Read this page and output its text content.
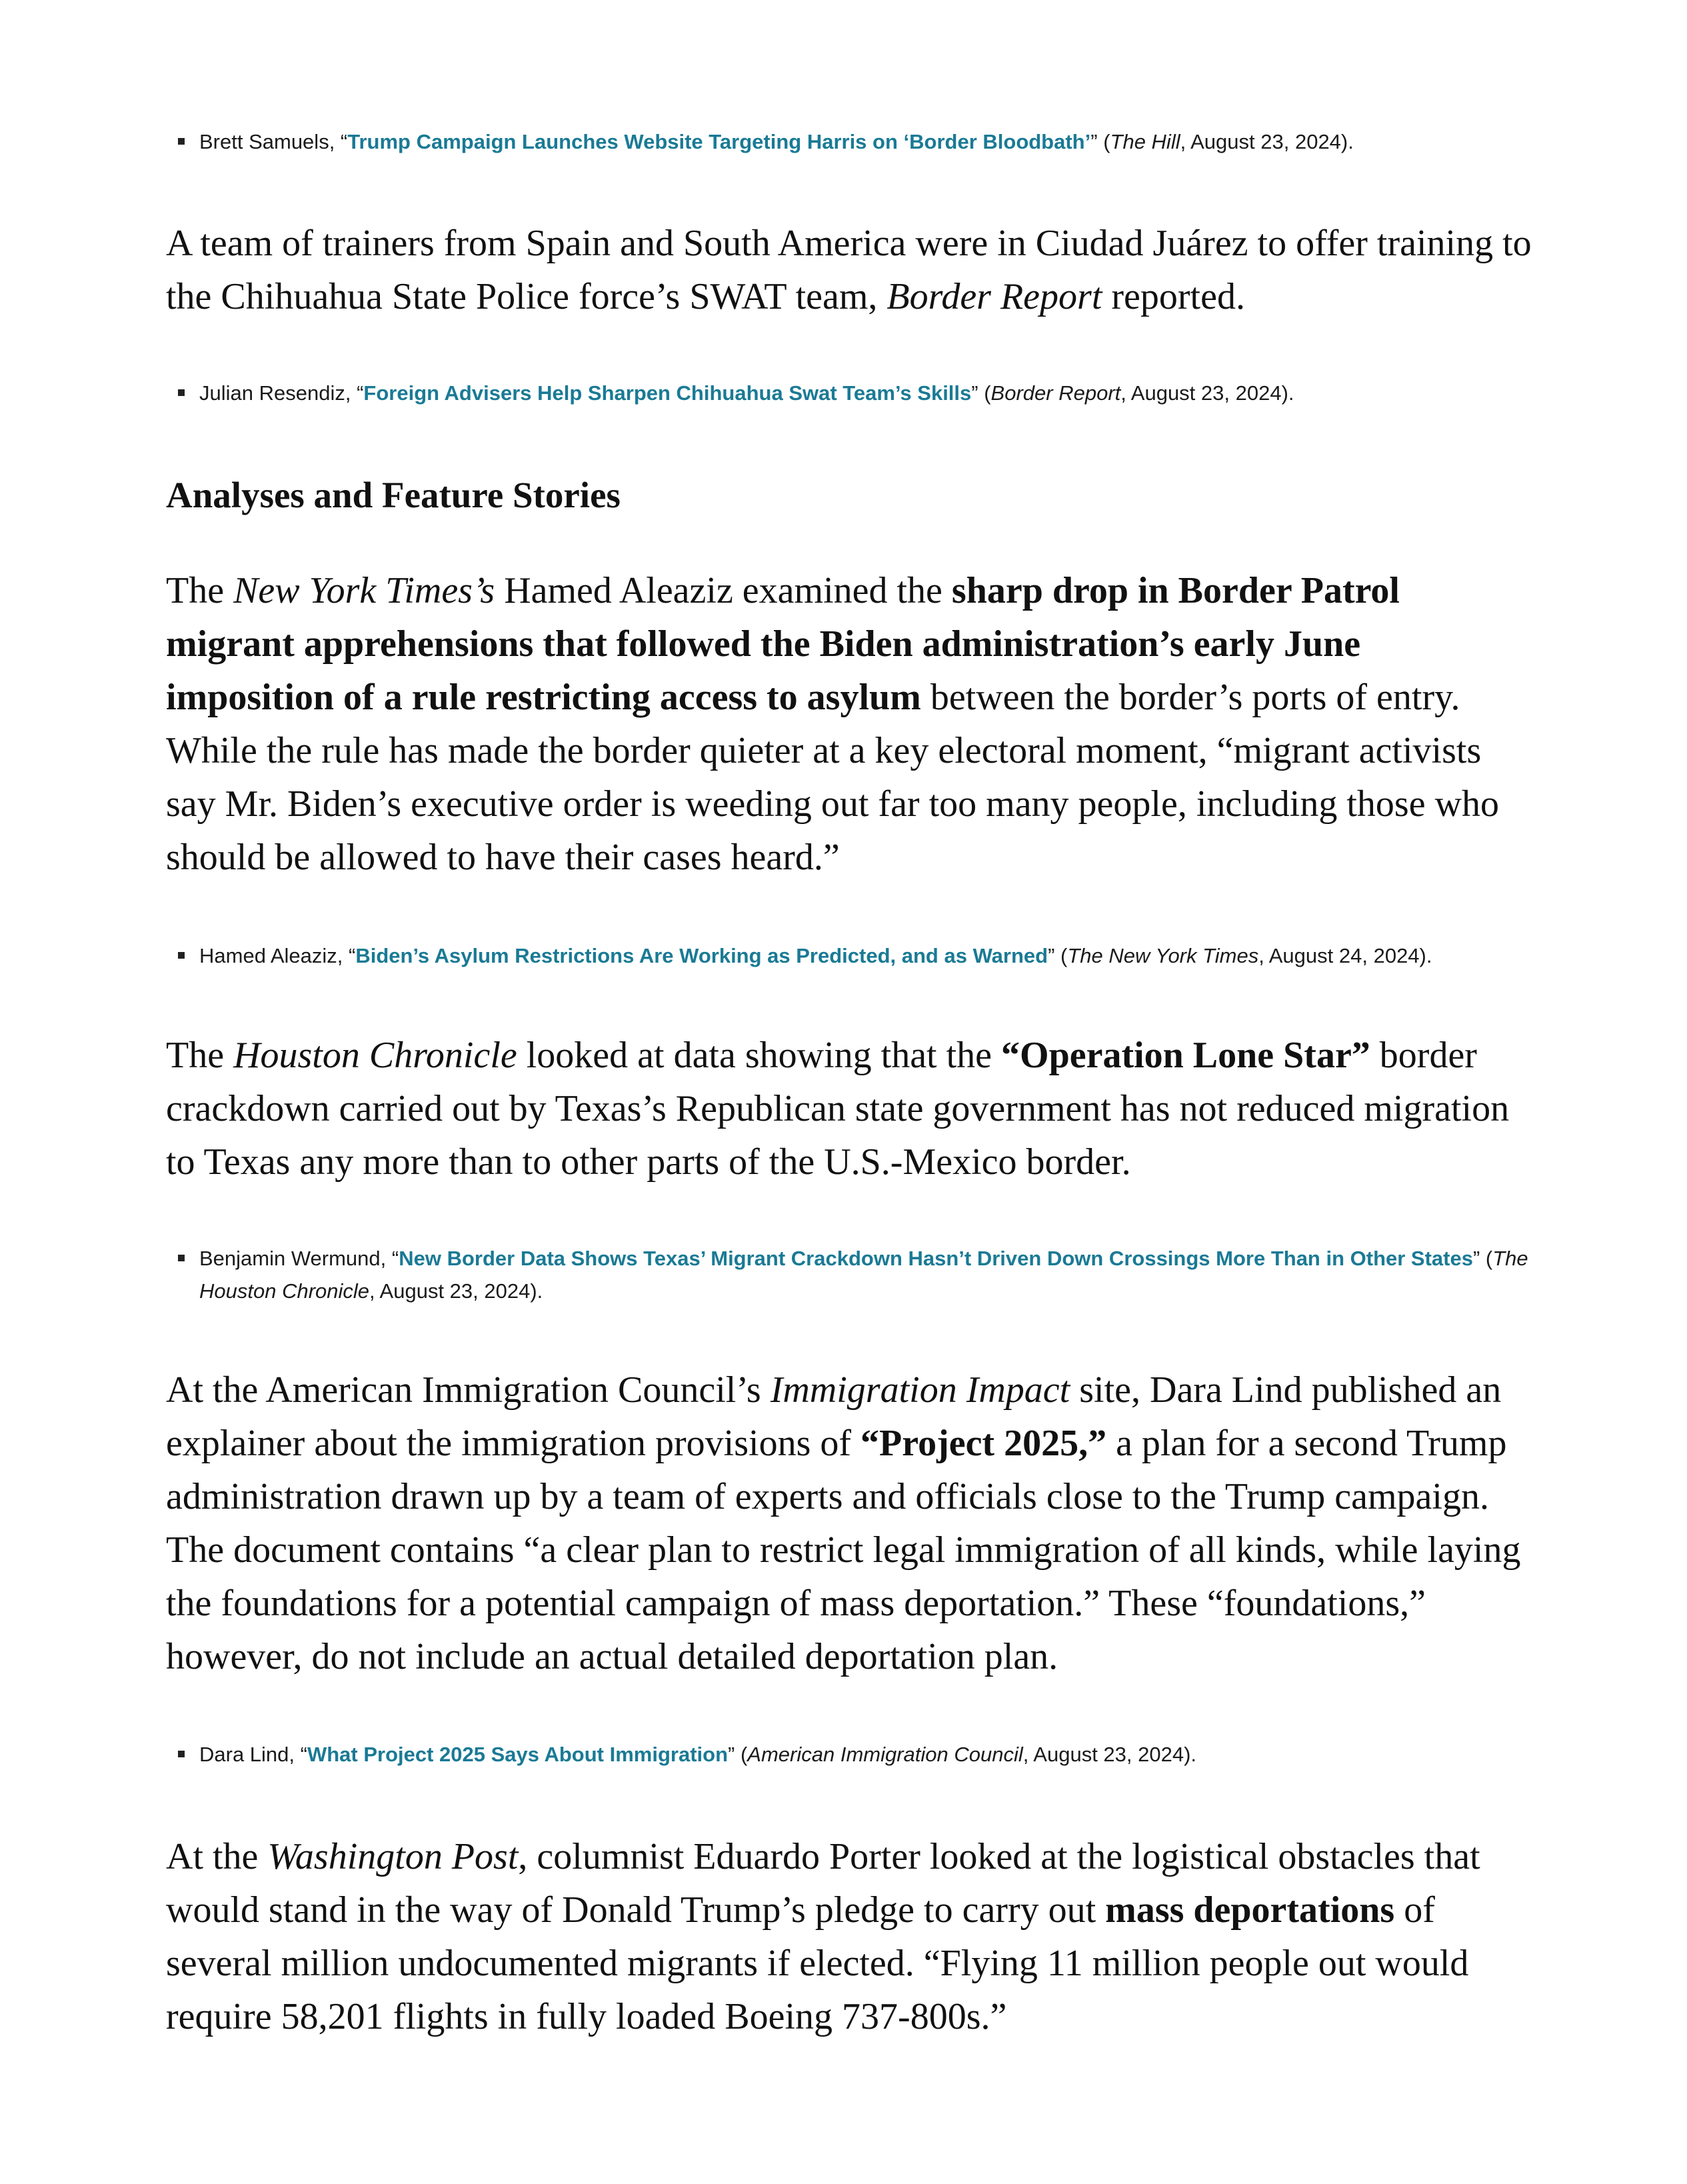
Brett Samuels, “Trump Campaign Launches Website Targeting Harris on ‘Border Bloodbath’” (The Hill, August 23, 2024).

A team of trainers from Spain and South America were in Ciudad Juárez to offer training to the Chihuahua State Police force’s SWAT team, Border Report reported.

Julian Resendiz, “Foreign Advisers Help Sharpen Chihuahua Swat Team’s Skills” (Border Report, August 23, 2024).
Analyses and Feature Stories

The New York Times’s Hamed Aleaziz examined the sharp drop in Border Patrol migrant apprehensions that followed the Biden administration’s early June imposition of a rule restricting access to asylum between the border’s ports of entry. While the rule has made the border quieter at a key electoral moment, “migrant activists say Mr. Biden’s executive order is weeding out far too many people, including those who should be allowed to have their cases heard.”

Hamed Aleaziz, “Biden’s Asylum Restrictions Are Working as Predicted, and as Warned” (The New York Times, August 24, 2024).

The Houston Chronicle looked at data showing that the “Operation Lone Star” border crackdown carried out by Texas’s Republican state government has not reduced migration to Texas any more than to other parts of the U.S.-Mexico border.

Benjamin Wermund, “New Border Data Shows Texas’ Migrant Crackdown Hasn’t Driven Down Crossings More Than in Other States” (The Houston Chronicle, August 23, 2024).

At the American Immigration Council’s Immigration Impact site, Dara Lind published an explainer about the immigration provisions of “Project 2025,” a plan for a second Trump administration drawn up by a team of experts and officials close to the Trump campaign. The document contains “a clear plan to restrict legal immigration of all kinds, while laying the foundations for a potential campaign of mass deportation.” These “foundations,” however, do not include an actual detailed deportation plan.

Dara Lind, “What Project 2025 Says About Immigration” (American Immigration Council, August 23, 2024).

At the Washington Post, columnist Eduardo Porter looked at the logistical obstacles that would stand in the way of Donald Trump’s pledge to carry out mass deportations of several million undocumented migrants if elected. “Flying 11 million people out would require 58,201 flights in fully loaded Boeing 737-800s.”
